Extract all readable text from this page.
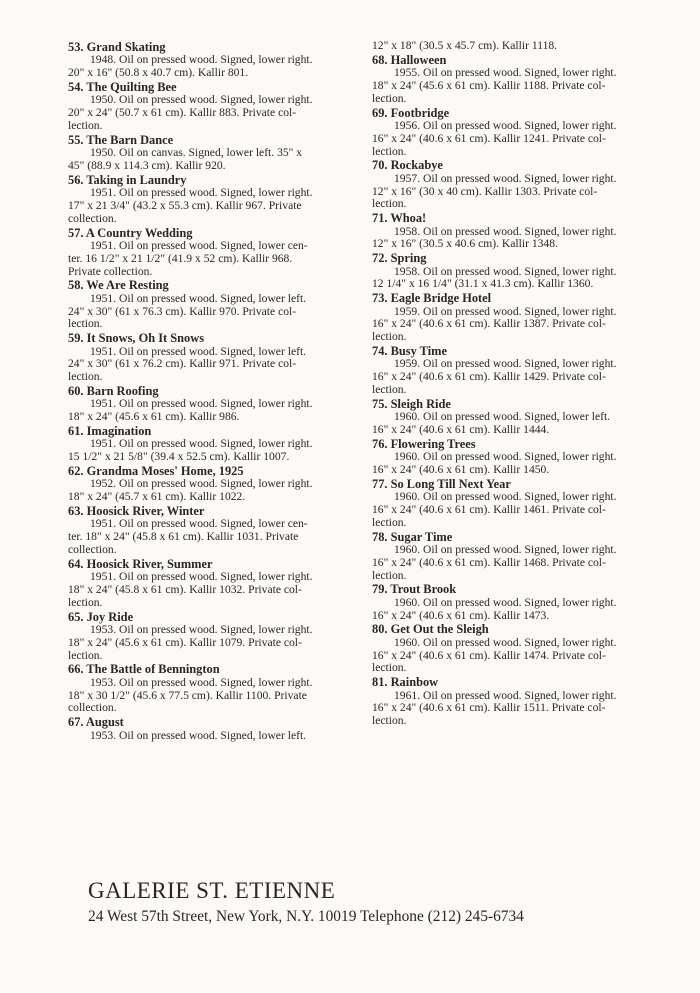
53. Grand Skating
1948. Oil on pressed wood. Signed, lower right.
20" x 16" (50.8 x 40.7 cm). Kallir 801.
54. The Quilting Bee
1950. Oil on pressed wood. Signed, lower right.
20" x 24" (50.7 x 61 cm). Kallir 883. Private col-
lection.
55. The Barn Dance
1950. Oil on canvas. Signed, lower left. 35" x
45" (88.9 x 114.3 cm). Kallir 920.
56. Taking in Laundry
1951. Oil on pressed wood. Signed, lower right.
17" x 21 3/4" (43.2 x 55.3 cm). Kallir 967. Private
collection.
57. A Country Wedding
1951. Oil on pressed wood. Signed, lower cen-
ter. 16 1/2" x 21 1/2" (41.9 x 52 cm). Kallir 968.
Private collection.
58. We Are Resting
1951. Oil on pressed wood. Signed, lower left.
24" x 30" (61 x 76.3 cm). Kallir 970. Private col-
lection.
59. It Snows, Oh It Snows
1951. Oil on pressed wood. Signed, lower left.
24" x 30" (61 x 76.2 cm). Kallir 971. Private col-
lection.
60. Barn Roofing
1951. Oil on pressed wood. Signed, lower right.
18" x 24" (45.6 x 61 cm). Kallir 986.
61. Imagination
1951. Oil on pressed wood. Signed, lower right.
15 1/2" x 21 5/8" (39.4 x 52.5 cm). Kallir 1007.
62. Grandma Moses' Home, 1925
1952. Oil on pressed wood. Signed, lower right.
18" x 24" (45.7 x 61 cm). Kallir 1022.
63. Hoosick River, Winter
1951. Oil on pressed wood. Signed, lower cen-
ter. 18" x 24" (45.8 x 61 cm). Kallir 1031. Private
collection.
64. Hoosick River, Summer
1951. Oil on pressed wood. Signed, lower right.
18" x 24" (45.8 x 61 cm). Kallir 1032. Private col-
lection.
65. Joy Ride
1953. Oil on pressed wood. Signed, lower right.
18" x 24" (45.6 x 61 cm). Kallir 1079. Private col-
lection.
66. The Battle of Bennington
1953. Oil on pressed wood. Signed, lower right.
18" x 30 1/2" (45.6 x 77.5 cm). Kallir 1100. Private
collection.
67. August
1953. Oil on pressed wood. Signed, lower left.
12" x 18" (30.5 x 45.7 cm). Kallir 1118.
68. Halloween
1955. Oil on pressed wood. Signed, lower right.
18" x 24" (45.6 x 61 cm). Kallir 1188. Private col-
lection.
69. Footbridge
1956. Oil on pressed wood. Signed, lower right.
16" x 24" (40.6 x 61 cm). Kallir 1241. Private col-
lection.
70. Rockabye
1957. Oil on pressed wood. Signed, lower right.
12" x 16" (30 x 40 cm). Kallir 1303. Private col-
lection.
71. Whoa!
1958. Oil on pressed wood. Signed, lower right.
12" x 16" (30.5 x 40.6 cm). Kallir 1348.
72. Spring
1958. Oil on pressed wood. Signed, lower right.
12 1/4" x 16 1/4" (31.1 x 41.3 cm). Kallir 1360.
73. Eagle Bridge Hotel
1959. Oil on pressed wood. Signed, lower right.
16" x 24" (40.6 x 61 cm). Kallir 1387. Private col-
lection.
74. Busy Time
1959. Oil on pressed wood. Signed, lower right.
16" x 24" (40.6 x 61 cm). Kallir 1429. Private col-
lection.
75. Sleigh Ride
1960. Oil on pressed wood. Signed, lower left.
16" x 24" (40.6 x 61 cm). Kallir 1444.
76. Flowering Trees
1960. Oil on pressed wood. Signed, lower right.
16" x 24" (40.6 x 61 cm). Kallir 1450.
77. So Long Till Next Year
1960. Oil on pressed wood. Signed, lower right.
16" x 24" (40.6 x 61 cm). Kallir 1461. Private col-
lection.
78. Sugar Time
1960. Oil on pressed wood. Signed, lower right.
16" x 24" (40.6 x 61 cm). Kallir 1468. Private col-
lection.
79. Trout Brook
1960. Oil on pressed wood. Signed, lower right.
16" x 24" (40.6 x 61 cm). Kallir 1473.
80. Get Out the Sleigh
1960. Oil on pressed wood. Signed, lower right.
16" x 24" (40.6 x 61 cm). Kallir 1474. Private col-
lection.
81. Rainbow
1961. Oil on pressed wood. Signed, lower right.
16" x 24" (40.6 x 61 cm). Kallir 1511. Private col-
lection.
GALERIE ST. ETIENNE
24 West 57th Street, New York, N.Y. 10019 Telephone (212) 245-6734
